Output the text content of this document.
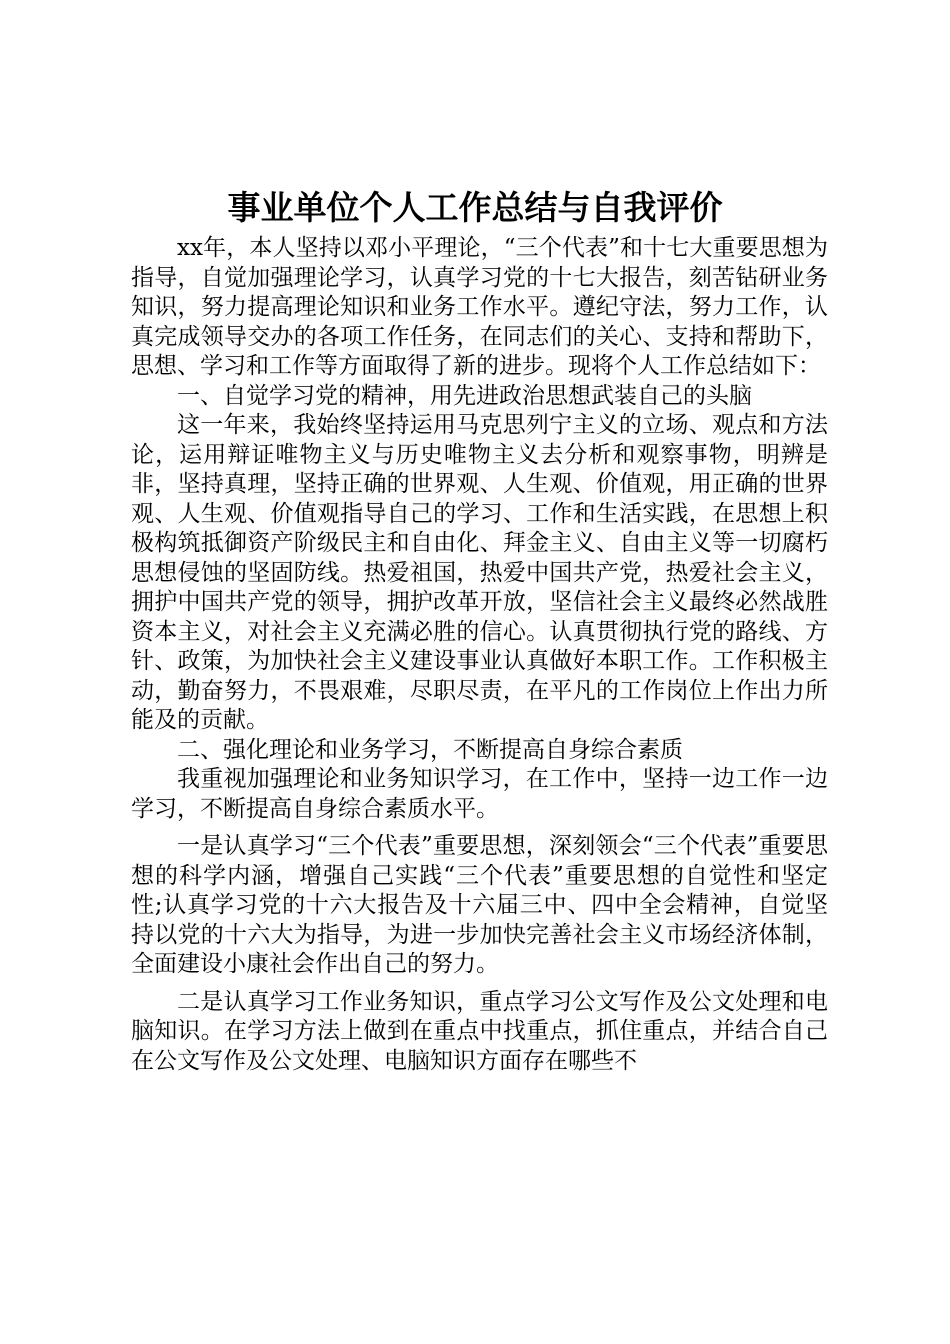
事业单位个人工作总结与自我评价

xx年，本人坚持以邓小平理论，“三个代表”和十七大重要思想为指导，自觉加强理论学习，认真学习党的十七大报告，刻苦钻研业务知识，努力提高理论知识和业务工作水平。遵纪守法，努力工作，认真完成领导交办的各项工作任务，在同志们的关心、支持和帮助下，思想、学习和工作等方面取得了新的进步。现将个人工作总结如下：

一、自觉学习党的精神，用先进政治思想武装自己的头脑

这一年来，我始终坚持运用马克思列宁主义的立场、观点和方法论，运用辩证唯物主义与历史唯物主义去分析和观察事物，明辨是非，坚持真理，坚持正确的世界观、人生观、价值观，用正确的世界观、人生观、价值观指导自己的学习、工作和生活实践，在思想上积极构筑抵御资产阶级民主和自由化、拜金主义、自由主义等一切腐朽思想侵蚀的坚固防线。热爱祖国，热爱中国共产党，热爱社会主义，拥护中国共产党的领导，拥护改革开放，坚信社会主义最终必然战胜资本主义，对社会主义充满必胜的信心。认真贯彻执行党的路线、方针、政策，为加快社会主义建设事业认真做好本职工作。工作积极主动，勤奋努力，不畏艰难，尽职尽责，在平凡的工作岗位上作出力所能及的贡献。

二、强化理论和业务学习，不断提高自身综合素质

我重视加强理论和业务知识学习，在工作中，坚持一边工作一边学习，不断提高自身综合素质水平。

一是认真学习“三个代表”重要思想，深刻领会“三个代表”重要思想的科学内涵，增强自己实践“三个代表”重要思想的自觉性和坚定性;认真学习党的十六大报告及十六届三中、四中全会精神，自觉坚持以党的十六大为指导，为进一步加快完善社会主义市场经济体制，全面建设小康社会作出自己的努力。

二是认真学习工作业务知识，重点学习公文写作及公文处理和电脑知识。在学习方法上做到在重点中找重点，抓住重点，并结合自己在公文写作及公文处理、电脑知识方面存在哪些不
